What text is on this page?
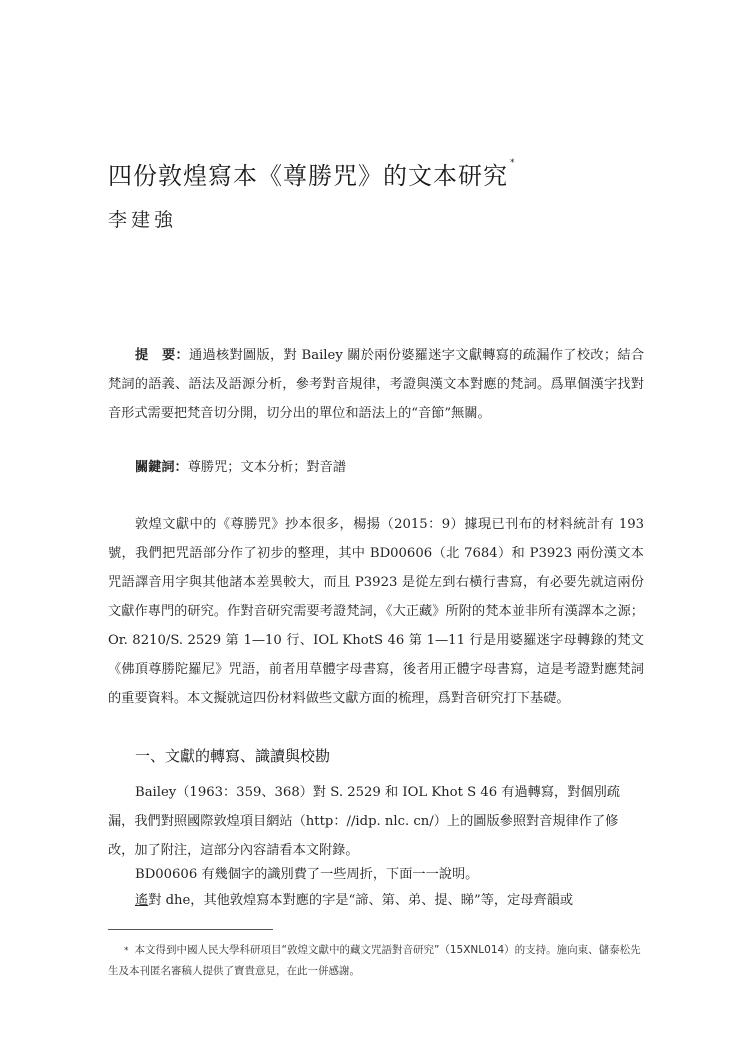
四份敦煌寫本《尊勝咒》的文本研究 *
李建強
提　要：通過核對圖版，對 Bailey 關於兩份婆羅迷字文獻轉寫的疏漏作了校改；結合梵詞的語義、語法及語源分析，參考對音規律，考證與漢文本對應的梵詞。爲單個漢字找對音形式需要把梵音切分開，切分出的單位和語法上的“音節”無關。
關鍵詞：尊勝咒；文本分析；對音譜
敦煌文獻中的《尊勝咒》抄本很多，楊揚（2015：9）據現已刊布的材料統計有 193 號，我們把咒語部分作了初步的整理，其中 BD00606（北 7684）和 P3923 兩份漢文本咒語譯音用字與其他諸本差異較大，而且 P3923 是從左到右橫行書寫，有必要先就這兩份文獻作專門的研究。作對音研究需要考證梵詞，《大正藏》所附的梵本並非所有漢譯本之源；Or. 8210/S. 2529 第 1—10 行、IOL KhotS 46 第 1—11 行是用婆羅迷字母轉錄的梵文《佛頂尊勝陀羅尼》咒語，前者用草體字母書寫，後者用正體字母書寫，這是考證對應梵詞的重要資料。本文擬就這四份材料做些文獻方面的梳理，爲對音研究打下基礎。
一、文獻的轉寫、識讀與校勘
Bailey（1963：359、368）對 S. 2529 和 IOL Khot S 46 有過轉寫，對個別疏漏，我們對照國際敦煌項目網站（http：//idp. nlc. cn/）上的圖版參照對音規律作了修改，加了附注，這部分內容請看本文附錄。
BD00606 有幾個字的識別費了一些周折，下面一一說明。
遙對 dhe，其他敦煌寫本對應的字是“諦、第、弟、提、睇”等，定母齊韻或
* 本文得到中國人民大學科研項目“敦煌文獻中的藏文咒語對音研究”（15XNL014）的支持。施向東、儲泰松先生及本刊匿名審稿人提供了寶貴意見，在此一併感謝。
